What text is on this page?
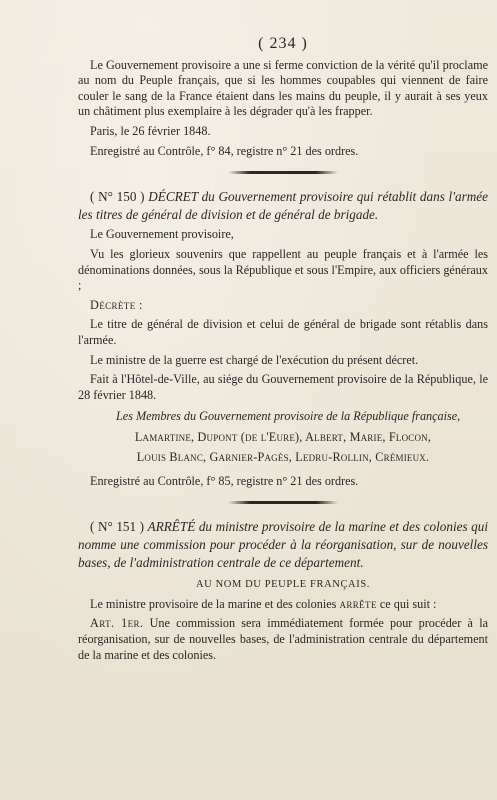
( 234 )

Le Gouvernement provisoire a une si ferme conviction de la vérité qu'il proclame au nom du Peuple français, que si les hommes coupables qui viennent de faire couler le sang de la France étaient dans les mains du peuple, il y aurait à ses yeux un châtiment plus exemplaire à les dégrader qu'à les frapper.

Paris, le 26 février 1848.

Enregistré au Contrôle, f° 84, registre n° 21 des ordres.

( N° 150 ) DÉCRET du Gouvernement provisoire qui rétablit dans l'armée les titres de général de division et de général de brigade.

Le Gouvernement provisoire,

Vu les glorieux souvenirs que rappellent au peuple français et à l'armée les dénominations données, sous la République et sous l'Empire, aux officiers généraux ;

Décrète :

Le titre de général de division et celui de général de brigade sont rétablis dans l'armée.

Le ministre de la guerre est chargé de l'exécution du présent décret.

Fait à l'Hôtel-de-Ville, au siége du Gouvernement provisoire de la République, le 28 février 1848.

Les Membres du Gouvernement provisoire de la République française,

Lamartine, Dupont (de l'Eure), Albert, Marie, Flocon,

Louis Blanc, Garnier-Pagès, Ledru-Rollin, Crémieux.

Enregistré au Contrôle, f° 85, registre n° 21 des ordres.

( N° 151 ) ARRÊTÉ du ministre provisoire de la marine et des colonies qui nomme une commission pour procéder à la réorganisation, sur de nouvelles bases, de l'administration centrale de ce département.

AU NOM DU PEUPLE FRANÇAIS.

Le ministre provisoire de la marine et des colonies arrête ce qui suit :

Art. 1er. Une commission sera immédiatement formée pour procéder à la réorganisation, sur de nouvelles bases, de l'administration centrale du département de la marine et des colonies.
